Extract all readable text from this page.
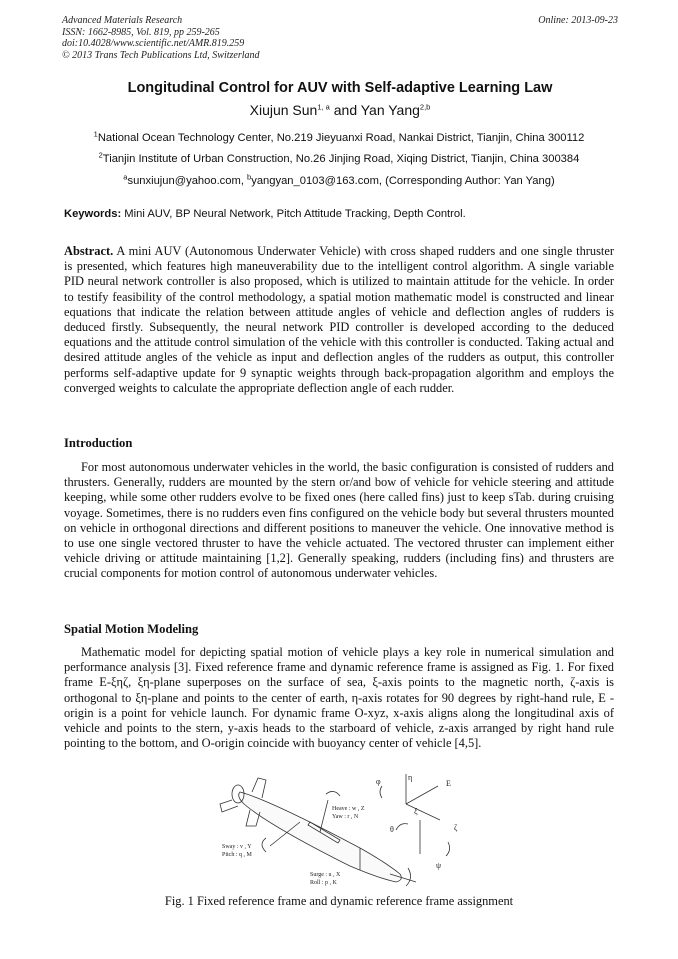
Advanced Materials Research
ISSN: 1662-8985, Vol. 819, pp 259-265
doi:10.4028/www.scientific.net/AMR.819.259
© 2013 Trans Tech Publications Ltd, Switzerland
Online: 2013-09-23
Longitudinal Control for AUV with Self-adaptive Learning Law
Xiujun Sun$^{1, a}$ and Yan Yang$^{2,b}$
$^1$National Ocean Technology Center, No.219 Jieyuanxi Road, Nankai District, Tianjin, China 300112
$^2$Tianjin Institute of Urban Construction, No.26 Jinjing Road, Xiqing District, Tianjin, China 300384
$^a$sunxiujun@yahoo.com, $^b$yangyan_0103@163.com, (Corresponding Author: Yan Yang)
Keywords: Mini AUV, BP Neural Network, Pitch Attitude Tracking, Depth Control.
Abstract. A mini AUV (Autonomous Underwater Vehicle) with cross shaped rudders and one single thruster is presented, which features high maneuverability due to the intelligent control algorithm. A single variable PID neural network controller is also proposed, which is utilized to maintain attitude for the vehicle. In order to testify feasibility of the control methodology, a spatial motion mathematic model is constructed and linear equations that indicate the relation between attitude angles of vehicle and deflection angles of rudders is deduced firstly. Subsequently, the neural network PID controller is developed according to the deduced equations and the attitude control simulation of the vehicle with this controller is conducted. Taking actual and desired attitude angles of the vehicle as input and deflection angles of the rudders as output, this controller performs self-adaptive update for 9 synaptic weights through back-propagation algorithm and employs the converged weights to calculate the appropriate deflection angle of each rudder.
Introduction
For most autonomous underwater vehicles in the world, the basic configuration is consisted of rudders and thrusters. Generally, rudders are mounted by the stern or/and bow of vehicle for vehicle steering and attitude keeping, while some other rudders evolve to be fixed ones (here called fins) just to keep sTab. during cruising voyage. Sometimes, there is no rudders even fins configured on the vehicle body but several thrusters mounted on vehicle in orthogonal directions and different positions to maneuver the vehicle. One innovative method is to use one single vectored thruster to have the vehicle actuated. The vectored thruster can implement either vehicle driving or attitude maintaining [1,2]. Generally speaking, rudders (including fins) and thrusters are crucial components for motion control of autonomous underwater vehicles.
Spatial Motion Modeling
Mathematic model for depicting spatial motion of vehicle plays a key role in numerical simulation and performance analysis [3]. Fixed reference frame and dynamic reference frame is assigned as Fig. 1. For fixed frame E-ξηζ, ξη-plane superposes on the surface of sea, ξ-axis points to the magnetic north, ζ-axis is orthogonal to ξη-plane and points to the center of earth, η-axis rotates for 90 degrees by right-hand rule, E -origin is a point for vehicle launch. For dynamic frame O-xyz, x-axis aligns along the longitudinal axis of vehicle and points to the stern, y-axis heads to the starboard of vehicle, z-axis arranged by right hand rule pointing to the bottom, and O-origin coincide with buoyancy center of vehicle [4,5].
Heave : w , Z
Yaw : r , N
Sway : v , Y
Pitch : q , M
Surge : u , X
Roll : p , K
η
φ	E
ξ
θ	ζ
ψ
Fig. 1 Fixed reference frame and dynamic reference frame assignment
